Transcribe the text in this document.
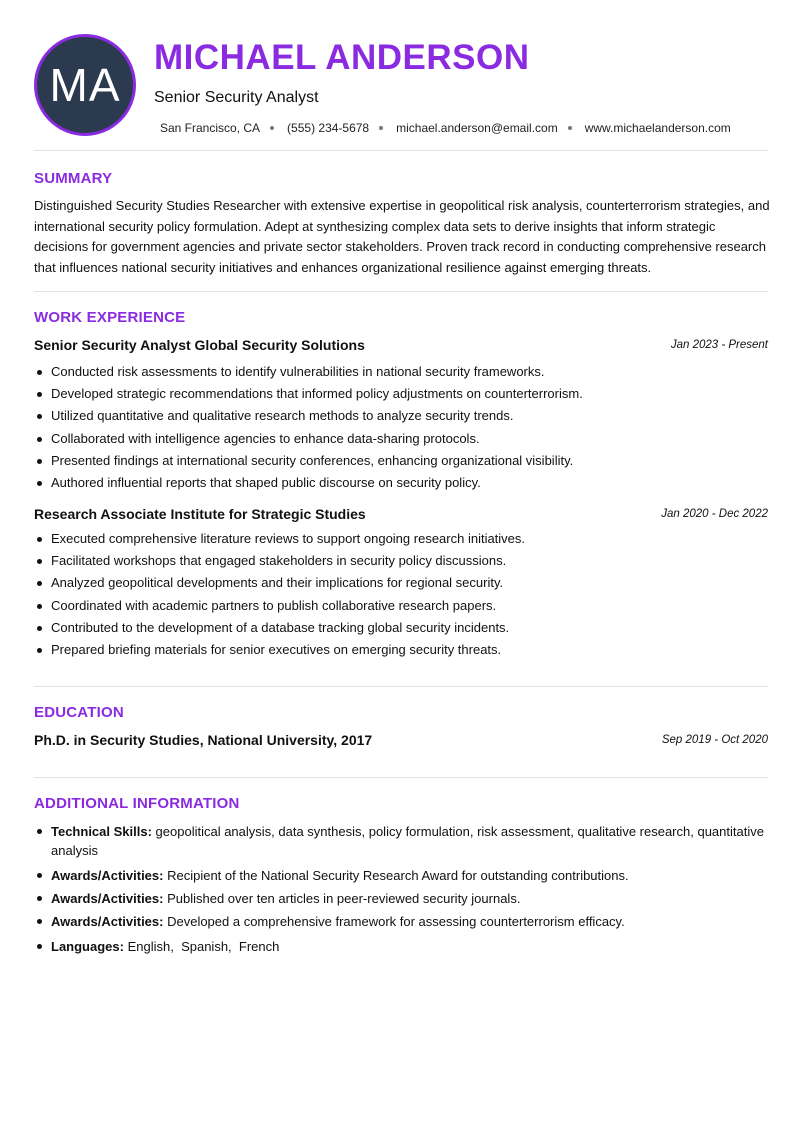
MA
MICHAEL ANDERSON
Senior Security Analyst
San Francisco, CA (555) 234-5678 michael.anderson@email.com www.michaelanderson.com
SUMMARY
Distinguished Security Studies Researcher with extensive expertise in geopolitical risk analysis, counterterrorism strategies, and international security policy formulation. Adept at synthesizing complex data sets to derive insights that inform strategic decisions for government agencies and private sector stakeholders. Proven track record in conducting comprehensive research that influences national security initiatives and enhances organizational resilience against emerging threats.
WORK EXPERIENCE
Senior Security Analyst Global Security Solutions	Jan 2023 - Present
Conducted risk assessments to identify vulnerabilities in national security frameworks.
Developed strategic recommendations that informed policy adjustments on counterterrorism.
Utilized quantitative and qualitative research methods to analyze security trends.
Collaborated with intelligence agencies to enhance data-sharing protocols.
Presented findings at international security conferences, enhancing organizational visibility.
Authored influential reports that shaped public discourse on security policy.
Research Associate Institute for Strategic Studies	Jan 2020 - Dec 2022
Executed comprehensive literature reviews to support ongoing research initiatives.
Facilitated workshops that engaged stakeholders in security policy discussions.
Analyzed geopolitical developments and their implications for regional security.
Coordinated with academic partners to publish collaborative research papers.
Contributed to the development of a database tracking global security incidents.
Prepared briefing materials for senior executives on emerging security threats.
EDUCATION
Ph.D. in Security Studies, National University, 2017	Sep 2019 - Oct 2020
ADDITIONAL INFORMATION
Technical Skills: geopolitical analysis, data synthesis, policy formulation, risk assessment, qualitative research, quantitative analysis
Awards/Activities: Recipient of the National Security Research Award for outstanding contributions.
Awards/Activities: Published over ten articles in peer-reviewed security journals.
Awards/Activities: Developed a comprehensive framework for assessing counterterrorism efficacy.
Languages: English,  Spanish,  French
